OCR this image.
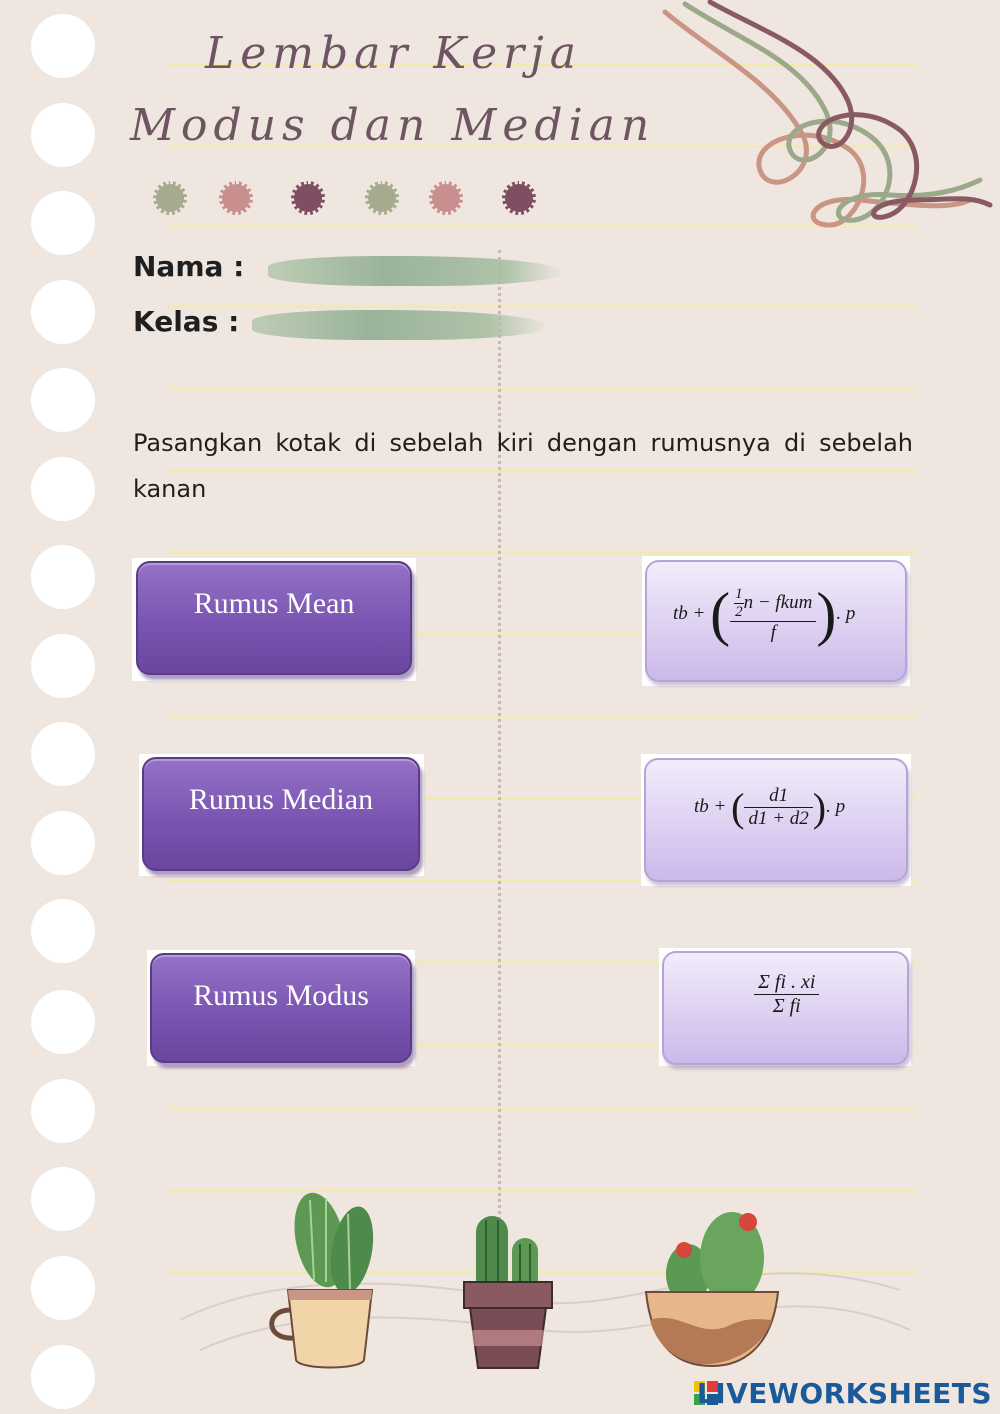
Lembar Kerja
Modus dan Median
Nama :
Kelas :
Pasangkan kotak di sebelah kiri dengan rumusnya di sebelah kanan
Rumus Mean
Rumus Median
Rumus Modus
tb + ( $\frac{\frac{1}{2} n - fkum}{f}$ ). p
tb + ( $\frac{d1}{d1 + d2}$ ). p
$\frac{\text{Σ fi . xi}}{\text{Σ fi}}$
LIVEWORKSHEETS
